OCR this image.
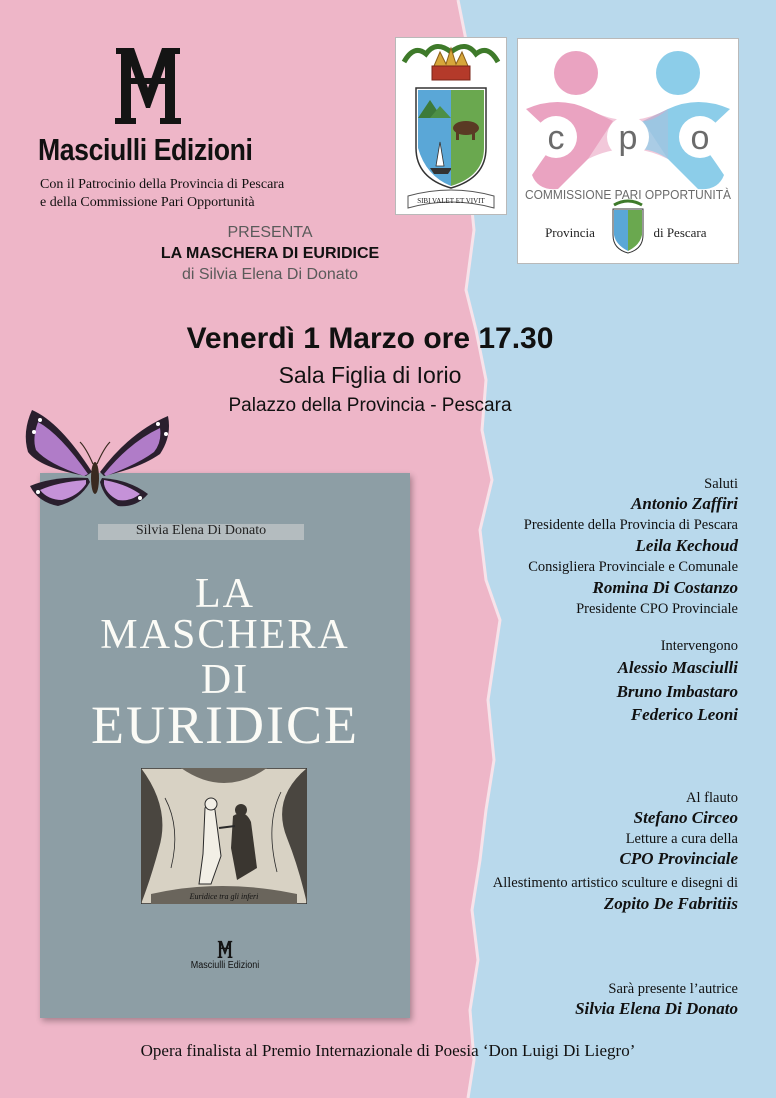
Masciulli Edizioni
Con il Patrocinio della Provincia di Pescara
e della Commissione Pari Opportunità
PRESENTA
LA MASCHERA DI EURIDICE
di Silvia Elena Di Donato
SIBI VALET ET VIVIT
c p o
COMMISSIONE PARI OPPORTUNITÀ
Provincia	di Pescara
Venerdì 1 Marzo ore 17.30
Sala Figlia di Iorio
Palazzo della Provincia - Pescara
Silvia Elena Di Donato
LA
MASCHERA
DI
EURIDICE
Euridice tra gli inferi
Masciulli Edizioni
Saluti
Antonio Zaffiri
Presidente della Provincia di Pescara
Leila Kechoud
Consigliera Provinciale e Comunale
Romina Di Costanzo
Presidente CPO Provinciale
Intervengono
Alessio Masciulli
Bruno Imbastaro
Federico Leoni
Al flauto
Stefano Circeo
Letture a cura della
CPO Provinciale
Allestimento artistico sculture e disegni di
Zopito De Fabritiis
Sarà presente l’autrice
Silvia Elena Di Donato
Opera finalista al Premio Internazionale di Poesia ‘Don Luigi Di Liegro’
